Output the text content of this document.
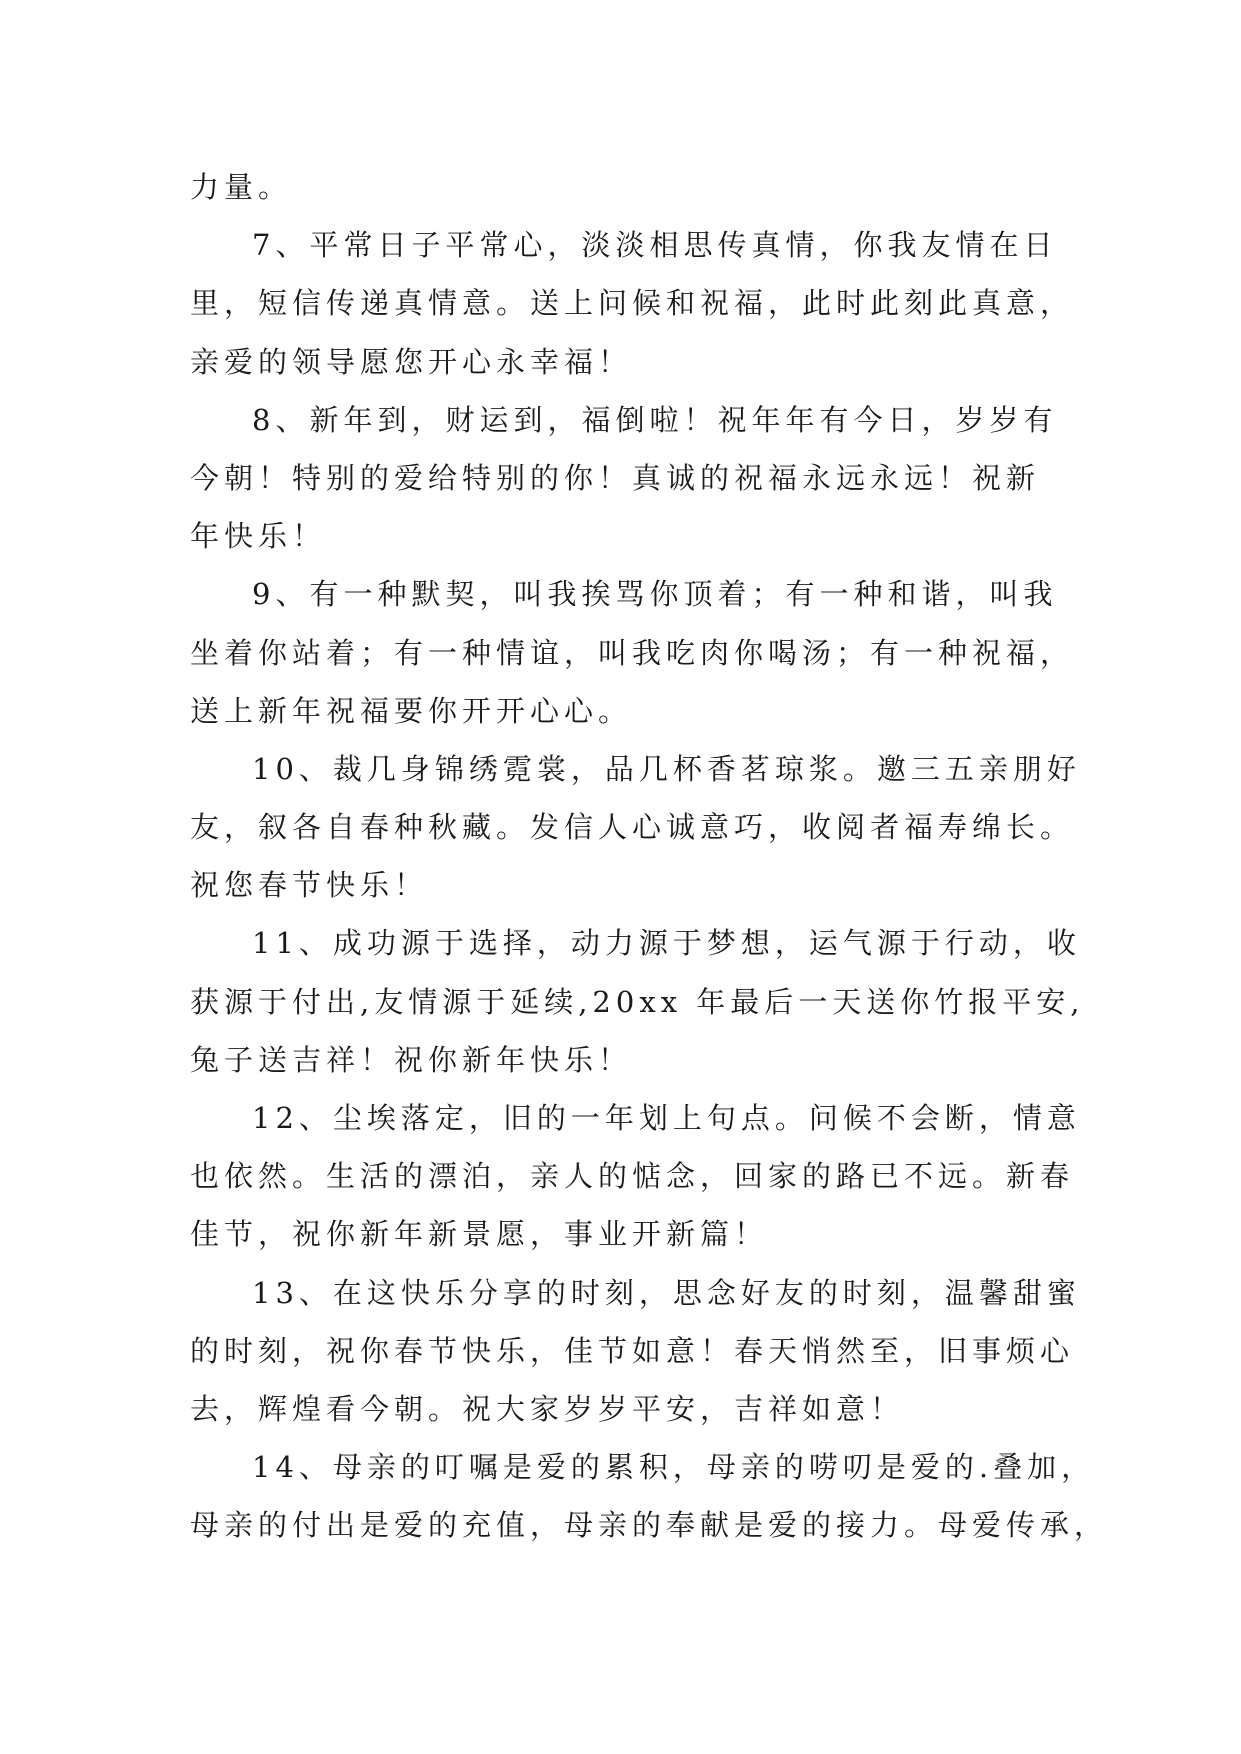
力量。

7、平常日子平常心，淡淡相思传真情，你我友情在日
里，短信传递真情意。送上问候和祝福，此时此刻此真意，
亲爱的领导愿您开心永幸福！

8、新年到，财运到，福倒啦！祝年年有今日，岁岁有
今朝！特别的爱给特别的你！真诚的祝福永远永远！祝新
年快乐！

9、有一种默契，叫我挨骂你顶着；有一种和谐，叫我
坐着你站着；有一种情谊，叫我吃肉你喝汤；有一种祝福，
送上新年祝福要你开开心心。

10、裁几身锦绣霓裳，品几杯香茗琼浆。邀三五亲朋好
友，叙各自春种秋藏。发信人心诚意巧，收阅者福寿绵长。
祝您春节快乐！

11、成功源于选择，动力源于梦想，运气源于行动，收
获源于付出,友情源于延续,20xx 年最后一天送你竹报平安,
兔子送吉祥！祝你新年快乐！

12、尘埃落定，旧的一年划上句点。问候不会断，情意
也依然。生活的漂泊，亲人的惦念，回家的路已不远。新春
佳节，祝你新年新景愿，事业开新篇！

13、在这快乐分享的时刻，思念好友的时刻，温馨甜蜜
的时刻，祝你春节快乐，佳节如意！春天悄然至，旧事烦心
去，辉煌看今朝。祝大家岁岁平安，吉祥如意！

14、母亲的叮嘱是爱的累积，母亲的唠叨是爱的.叠加，
母亲的付出是爱的充值，母亲的奉献是爱的接力。母爱传承，
